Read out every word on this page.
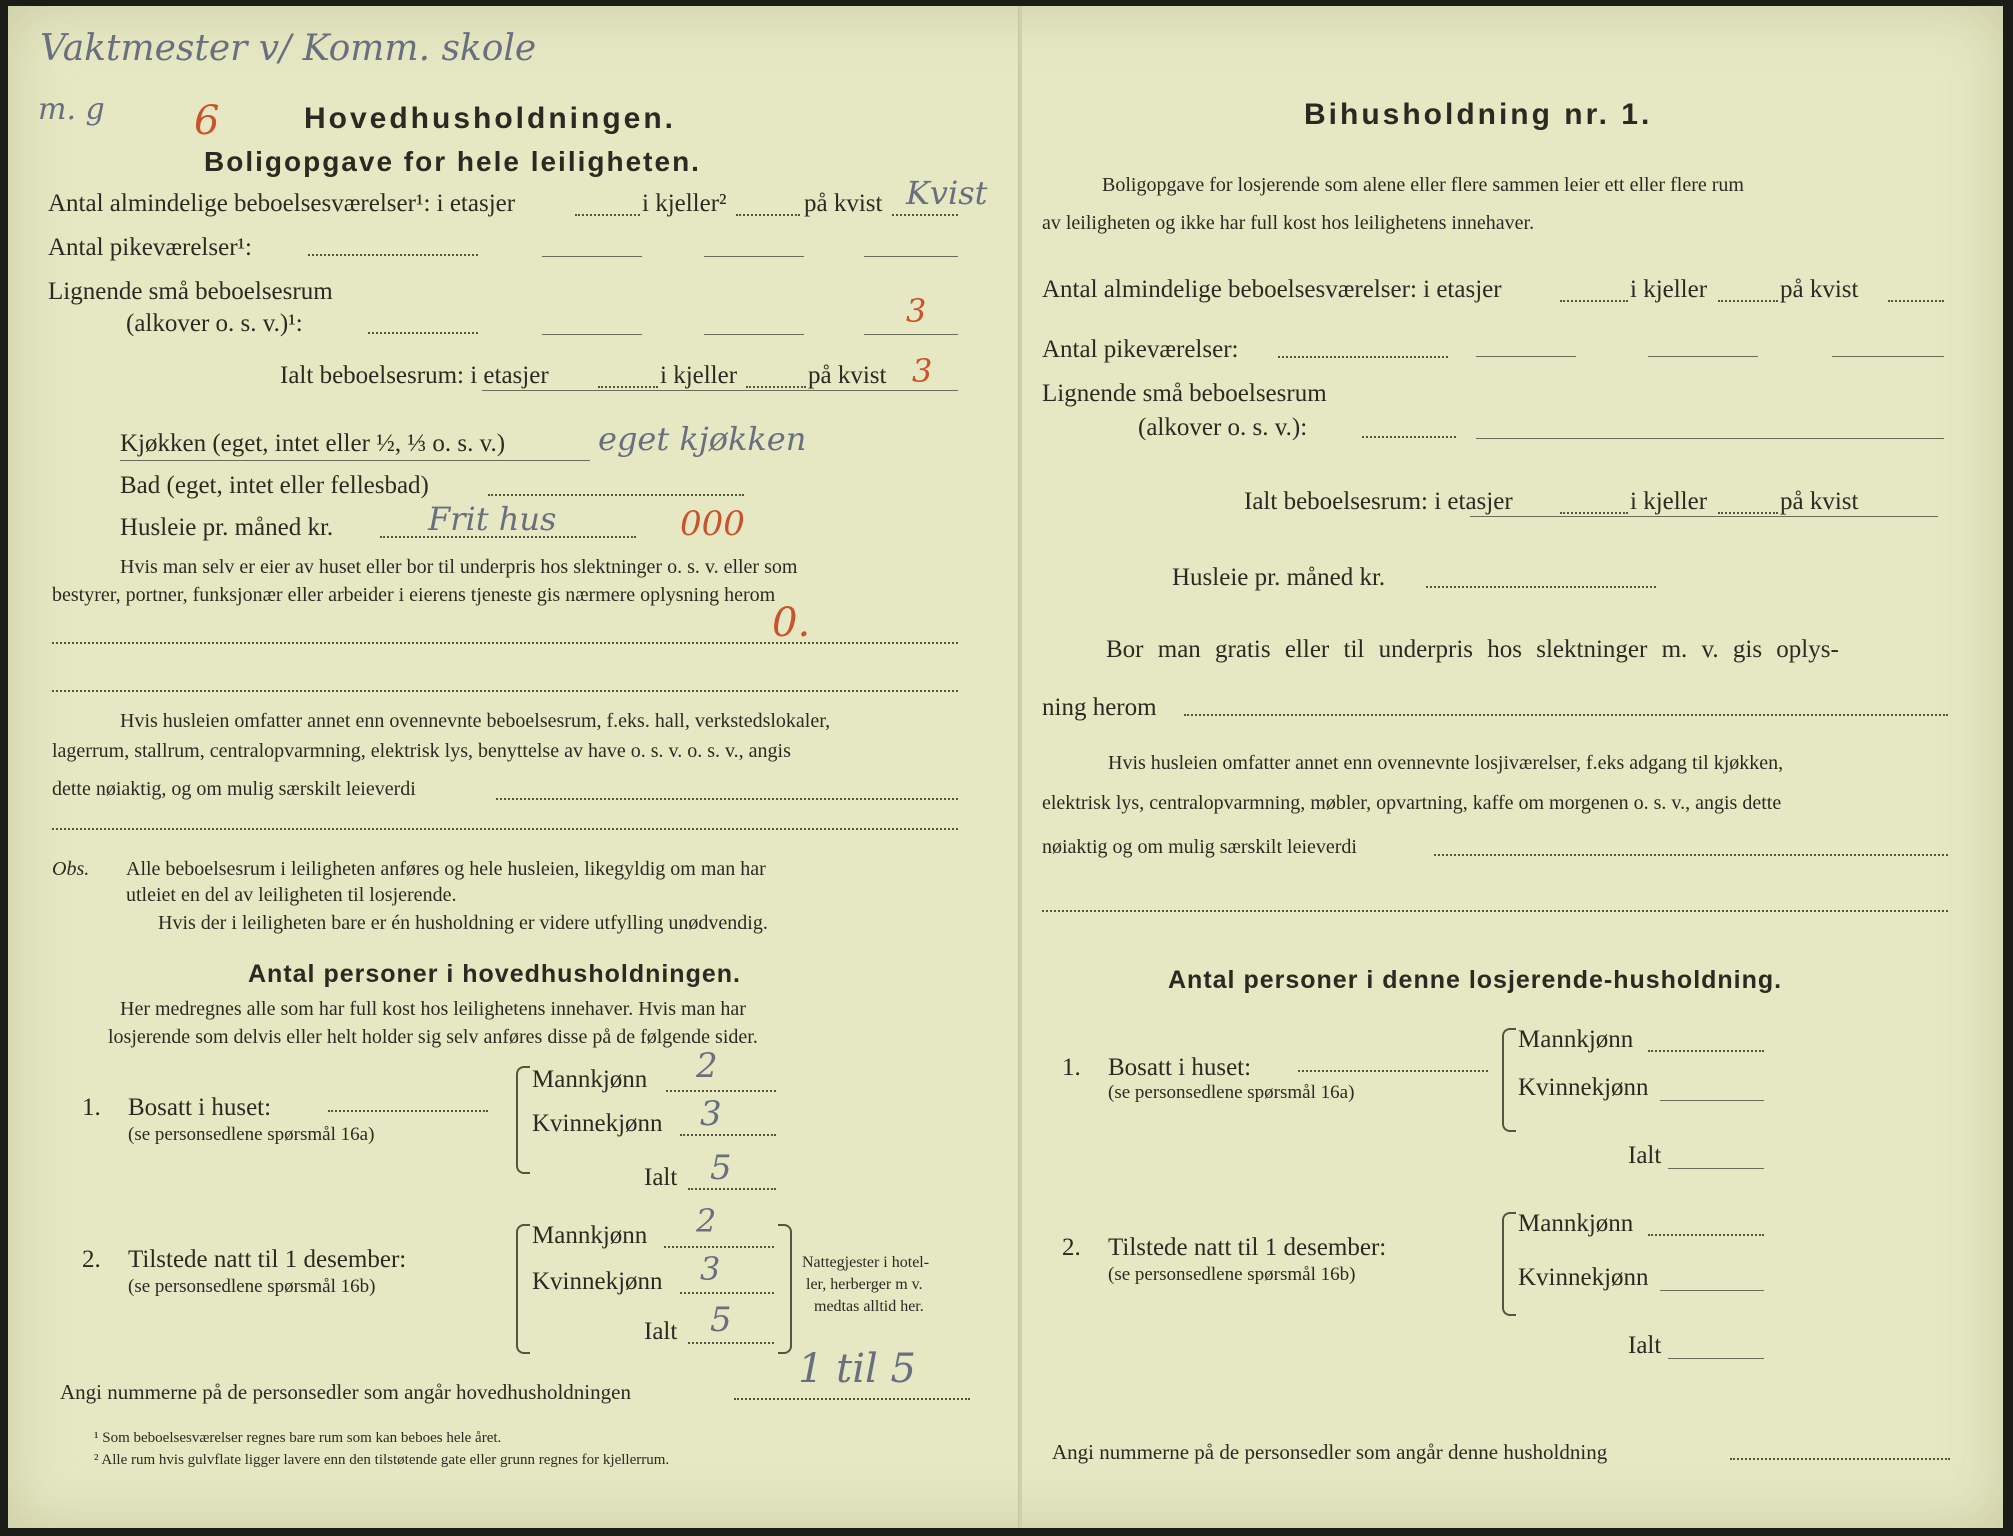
Vaktmester v/ Komm. skole
m. g 6	Hovedhusholdningen.
Boligopgave for hele leiligheten.
Antal almindelige beboelsesværelser¹: i etasjer	i kjeller²	på kvist Kvist
Antal pikeværelser¹:
Lignende små beboelsesrum
(alkover o. s. v.)¹:	3
Ialt beboelsesrum: i etasjer	i kjeller	på kvist 3
Kjøkken (eget, intet eller ½, ⅓ o. s. v.)	eget kjøkken
Bad (eget, intet eller fellesbad)
Husleie pr. måned kr.	Frit hus	000
Hvis man selv er eier av huset eller bor til underpris hos slektninger o. s. v. eller som
bestyrer, portner, funksjonær eller arbeider i eierens tjeneste gis nærmere oplysning herom
0.
Hvis husleien omfatter annet enn ovennevnte beboelsesrum, f.eks. hall, verkstedslokaler,
lagerrum, stallrum, centralopvarmning, elektrisk lys, benyttelse av have o. s. v. o. s. v., angis
dette nøiaktig, og om mulig særskilt leieverdi
Obs. Alle beboelsesrum i leiligheten anføres og hele husleien, likegyldig om man har
utleiet en del av leiligheten til losjerende.
Hvis der i leiligheten bare er én husholdning er videre utfylling unødvendig.
Antal personer i hovedhusholdningen.
Her medregnes alle som har full kost hos leilighetens innehaver. Hvis man har
losjerende som delvis eller helt holder sig selv anføres disse på de følgende sider.
1. Bosatt i huset:
(se personsedlene spørsmål 16a)
Mannkjønn 2
Kvinnekjønn 3
Ialt 5
2. Tilstede natt til 1 desember:
(se personsedlene spørsmål 16b)
Mannkjønn 2
Kvinnekjønn 3
Ialt 5
Nattegjester i hotel-
ler, herberger m v.
medtas alltid her.
Angi nummerne på de personsedler som angår hovedhusholdningen	1 til 5
¹ Som beboelsesværelser regnes bare rum som kan beboes hele året.
² Alle rum hvis gulvflate ligger lavere enn den tilstøtende gate eller grunn regnes for kjellerrum.
Bihusholdning nr. 1.
Boligopgave for losjerende som alene eller flere sammen leier ett eller flere rum
av leiligheten og ikke har full kost hos leilighetens innehaver.
Antal almindelige beboelsesværelser: i etasjer	i kjeller	på kvist
Antal pikeværelser:
Lignende små beboelsesrum
(alkover o. s. v.):
Ialt beboelsesrum: i etasjer	i kjeller	på kvist
Husleie pr. måned kr.
Bor man gratis eller til underpris hos slektninger m. v. gis oplys-
ning herom
Hvis husleien omfatter annet enn ovennevnte losjiværelser, f.eks adgang til kjøkken,
elektrisk lys, centralopvarmning, møbler, opvartning, kaffe om morgenen o. s. v., angis dette
nøiaktig og om mulig særskilt leieverdi
Antal personer i denne losjerende-husholdning.
1. Bosatt i huset:
(se personsedlene spørsmål 16a)
Mannkjønn
Kvinnekjønn
Ialt
2. Tilstede natt til 1 desember:
(se personsedlene spørsmål 16b)
Mannkjønn
Kvinnekjønn
Ialt
Angi nummerne på de personsedler som angår denne husholdning
